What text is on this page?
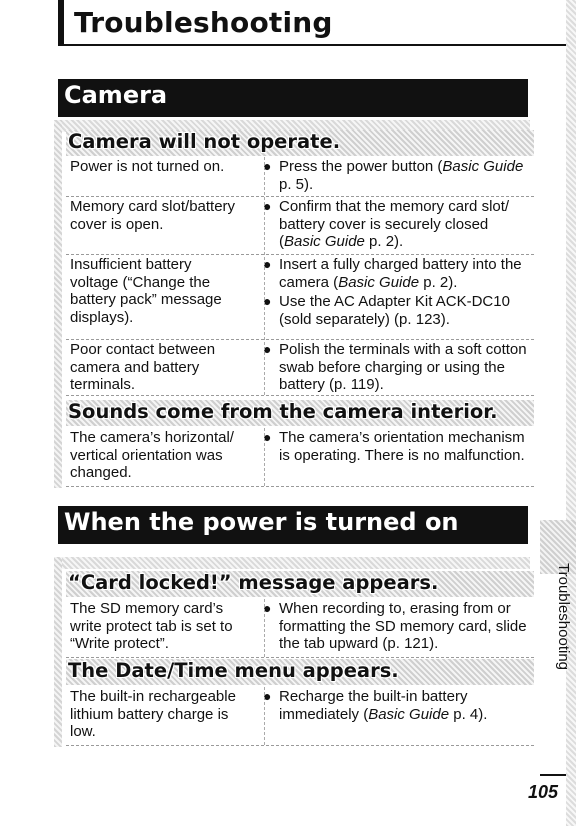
Troubleshooting
Camera
Camera will not operate.
Power is not turned on.	● Press the power button (Basic Guide p. 5).
Memory card slot/battery
cover is open.
● Confirm that the memory card slot/ battery cover is securely closed (Basic Guide p. 2).
Insufficient battery
voltage (“Change the
battery pack” message
displays).
● Insert a fully charged battery into the camera (Basic Guide p. 2).
● Use the AC Adapter Kit ACK-DC10 (sold separately) (p. 123).
Poor contact between
camera and battery
terminals.
● Polish the terminals with a soft cotton swab before charging or using the battery (p. 119).
Sounds come from the camera interior.
The camera’s horizontal/
vertical orientation was
changed.
● The camera’s orientation mechanism is operating. There is no malfunction.
When the power is turned on
“Card locked!” message appears.
The SD memory card’s
write protect tab is set to
“Write protect”.
● When recording to, erasing from or formatting the SD memory card, slide the tab upward (p. 121).
The Date/Time menu appears.
The built-in rechargeable
lithium battery charge is
low.
● Recharge the built-in battery immediately (Basic Guide p. 4).
Troubleshooting
105
